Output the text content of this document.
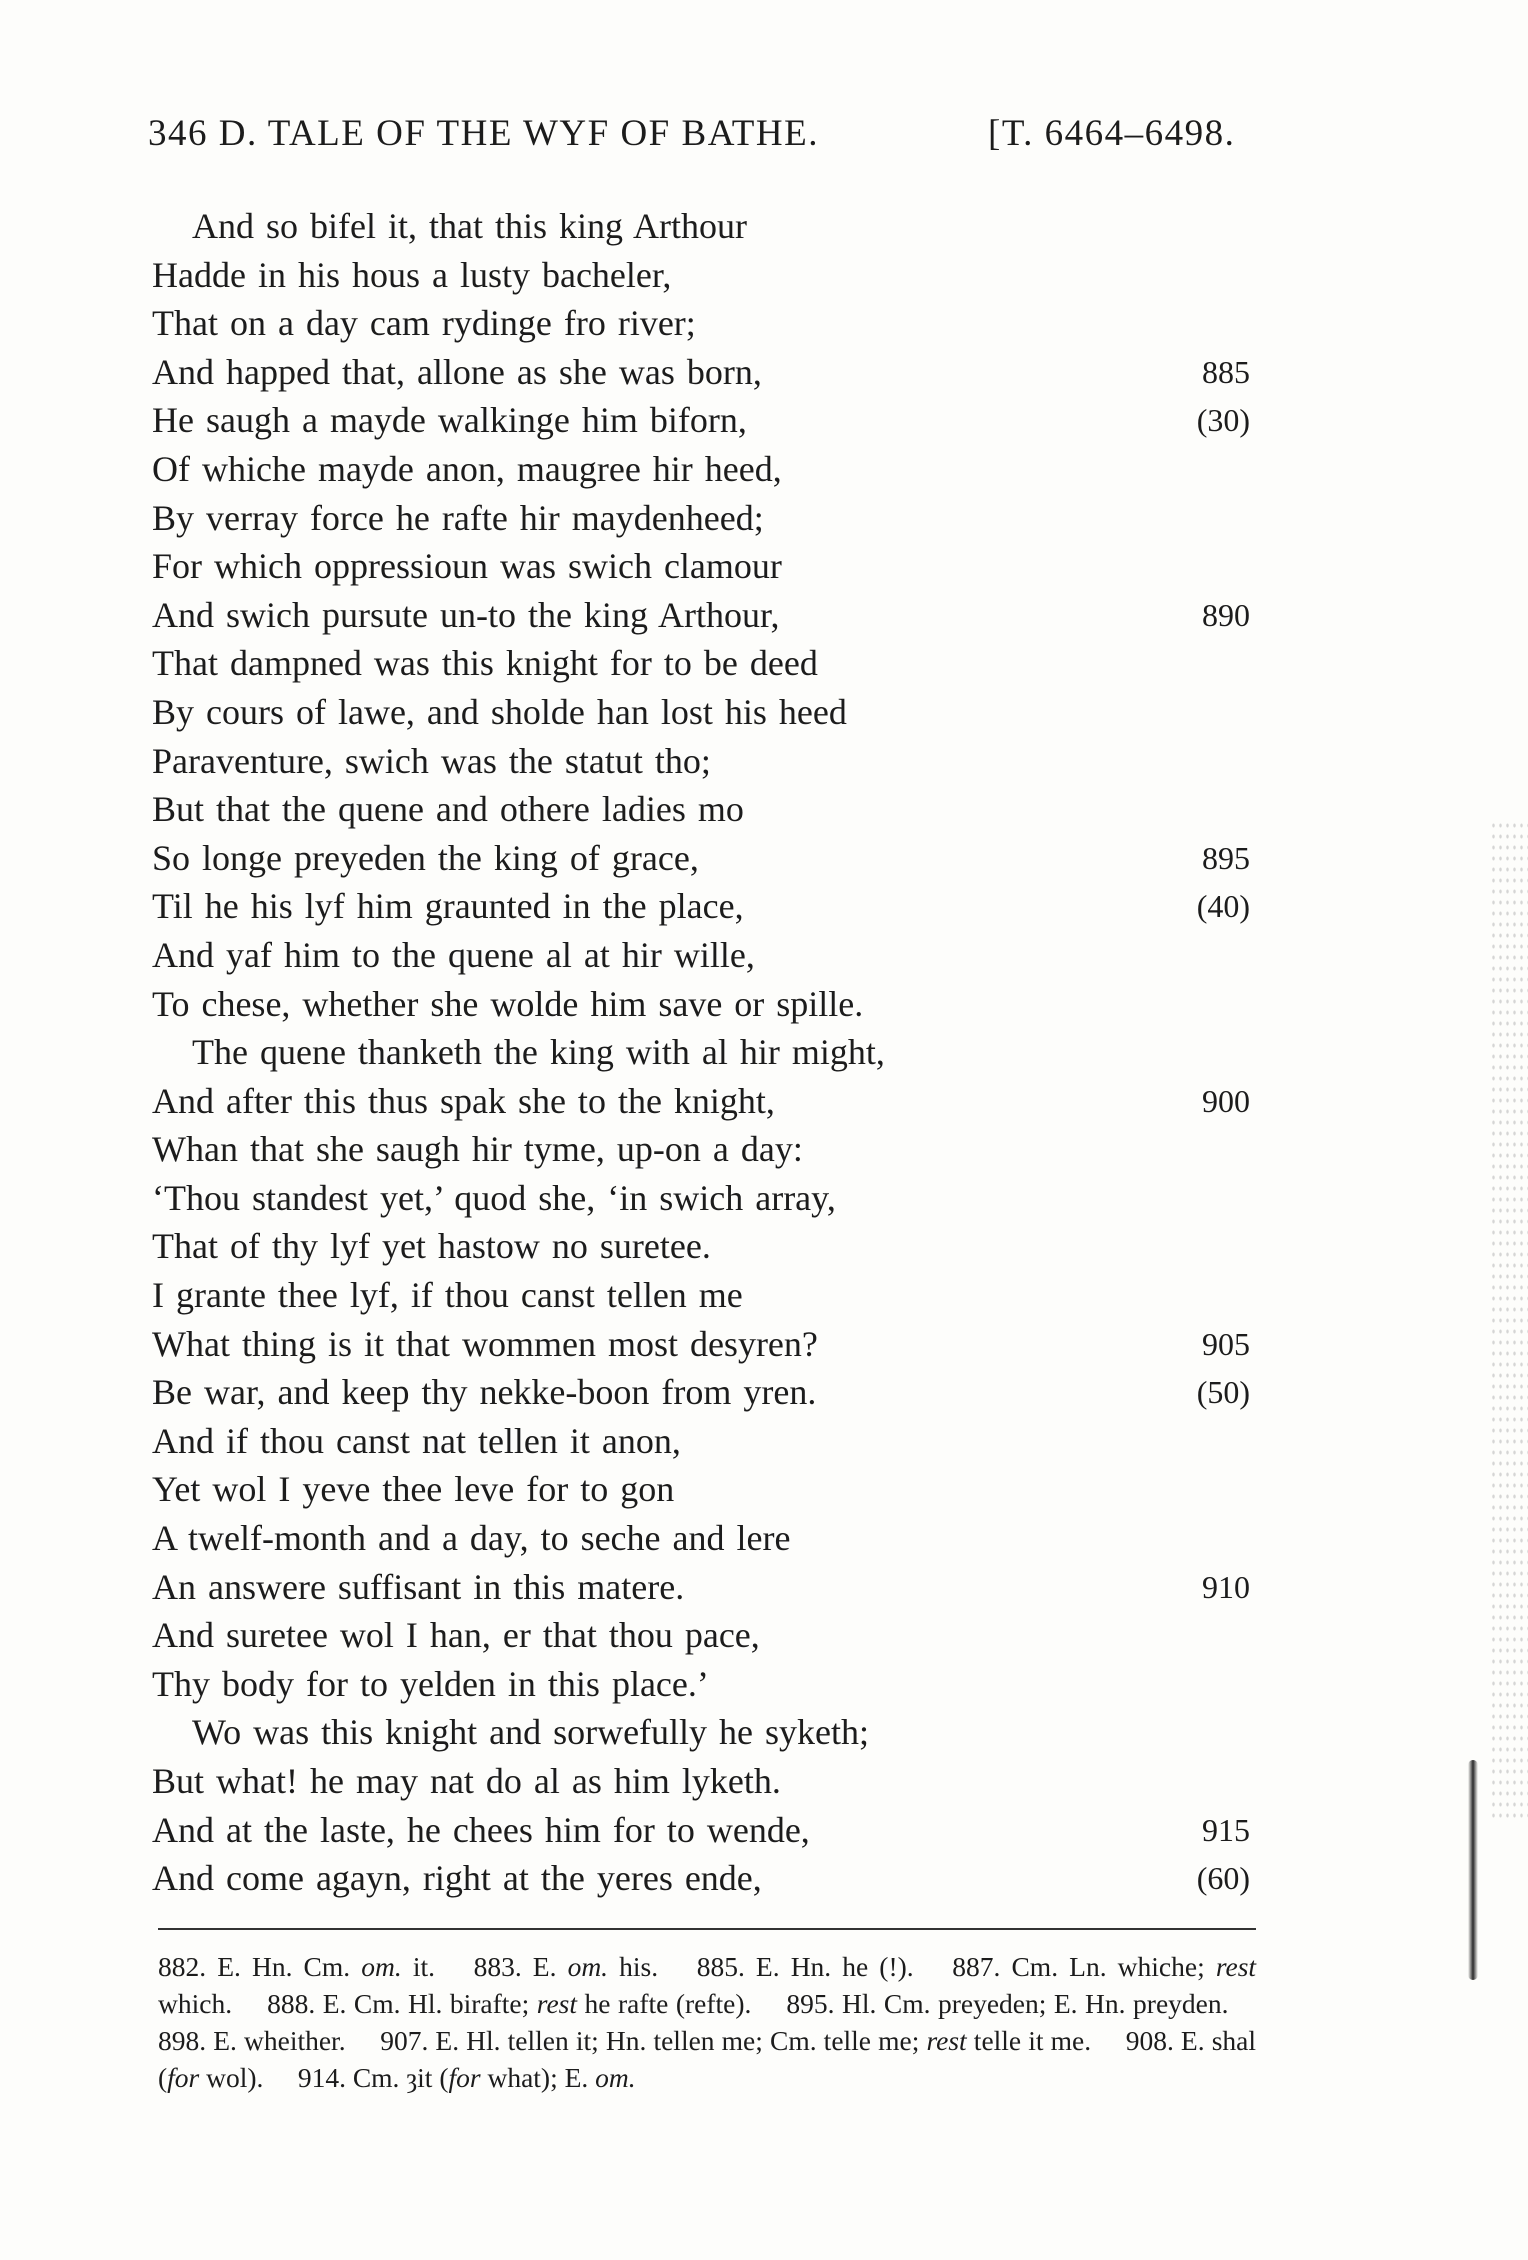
346 D. TALE OF THE WYF OF BATHE.	[T. 6464–6498.
And so bifel it, that this king Arthour
Hadde in his hous a lusty bacheler,
That on a day cam rydinge fro river;
And happed that, allone as she was born,	885
He saugh a mayde walkinge him biforn,	(30)
Of whiche mayde anon, maugree hir heed,
By verray force he rafte hir maydenheed;
For which oppressioun was swich clamour
And swich pursute un-to the king Arthour,	890
That dampned was this knight for to be deed
By cours of lawe, and sholde han lost his heed
Paraventure, swich was the statut tho;
But that the quene and othere ladies mo
So longe preyeden the king of grace,	895
Til he his lyf him graunted in the place,	(40)
And yaf him to the quene al at hir wille,
To chese, whether she wolde him save or spille.
The quene thanketh the king with al hir might,
And after this thus spak she to the knight,	900
Whan that she saugh hir tyme, up-on a day:
‘Thou standest yet,’ quod she, ‘in swich array,
That of thy lyf yet hastow no suretee.
I grante thee lyf, if thou canst tellen me
What thing is it that wommen most desyren?	905
Be war, and keep thy nekke-boon from yren.	(50)
And if thou canst nat tellen it anon,
Yet wol I yeve thee leve for to gon
A twelf-month and a day, to seche and lere
An answere suffisant in this matere.	910
And suretee wol I han, er that thou pace,
Thy body for to yelden in this place.’
Wo was this knight and sorwefully he syketh;
But what! he may nat do al as him lyketh.
And at the laste, he chees him for to wende,	915
And come agayn, right at the yeres ende,	(60)
882. E. Hn. Cm. om. it.  883. E. om. his.  885. E. Hn. he (!).  887. Cm. Ln. whiche; rest which.  888. E. Cm. Hl. birafte; rest he rafte (refte).  895. Hl. Cm. preyeden; E. Hn. preyden.  898. E. wheither.  907. E. Hl. tellen it; Hn. tellen me; Cm. telle me; rest telle it me.  908. E. shal (for wol).  914. Cm. ȝit (for what); E. om.
